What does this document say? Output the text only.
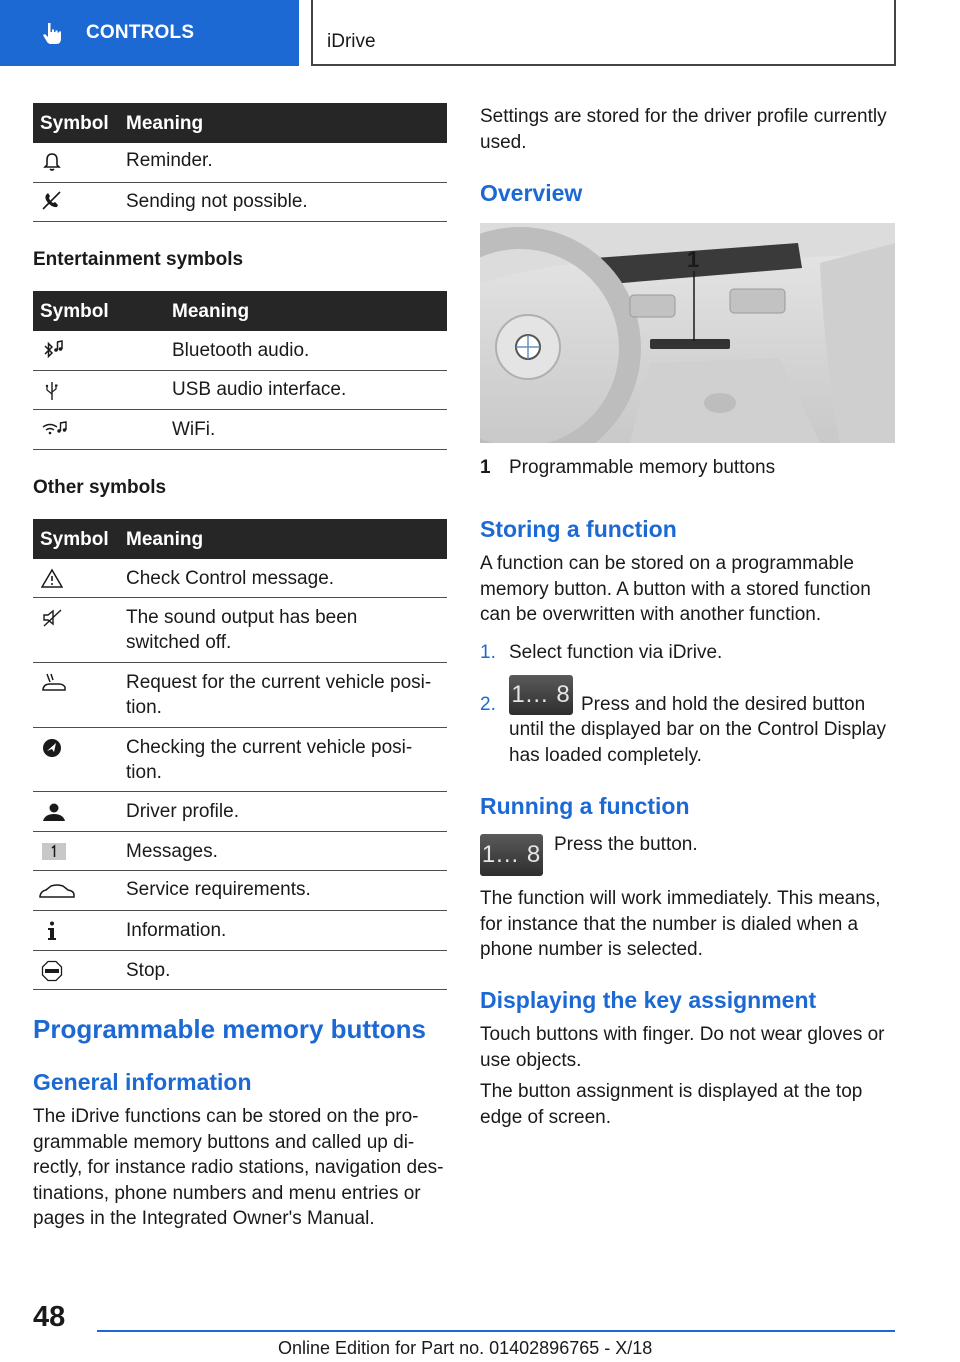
CONTROLS	iDrive
Symbol Meaning
Reminder.
Sending not possible.
Entertainment symbols
Symbol	Meaning
Bluetooth audio.
USB audio interface.
WiFi.
Other symbols
Symbol Meaning
Check Control message.
The sound output has been
switched off.
Request for the current vehicle posi-
tion.
Checking the current vehicle posi-
tion.
Driver profile.
Messages.
Service requirements.
Information.
Stop.
Programmable memory buttons
General information
The iDrive functions can be stored on the pro-
grammable memory buttons and called up di-
rectly, for instance radio stations, navigation des-
tinations, phone numbers and menu entries or
pages in the Integrated Owner's Manual.
Settings are stored for the driver profile currently
used.
Overview
1
1 Programmable memory buttons
Storing a function
A function can be stored on a programmable
memory button. A button with a stored function
can be overwritten with another function.
1. Select function via iDrive.
2. 1... 8 Press and hold the desired button
until the displayed bar on the Control Display
has loaded completely.
Running a function
1... 8 Press the button.
The function will work immediately. This means,
for instance that the number is dialed when a
phone number is selected.
Displaying the key assignment
Touch buttons with finger. Do not wear gloves or
use objects.
The button assignment is displayed at the top
edge of screen.
48
Online Edition for Part no. 01402896765 - X/18
